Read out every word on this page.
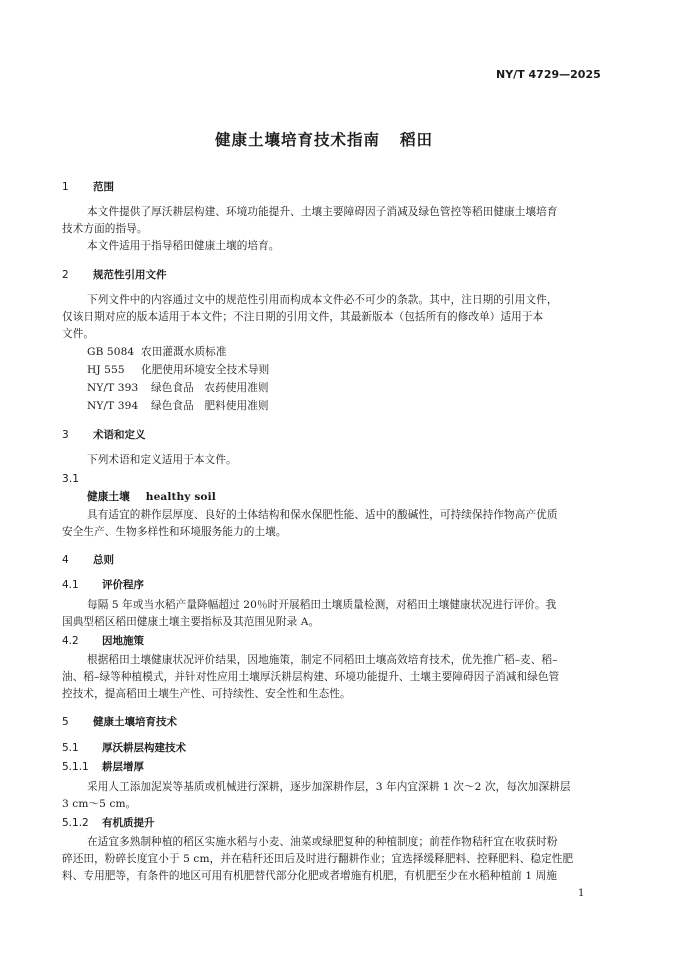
NY/T 4729—2025
健康土壤培育技术指南 稻田
1 范围
本文件提供了厚沃耕层构建、环境功能提升、土壤主要障碍因子消减及绿色管控等稻田健康土壤培育
技术方面的指导。
本文件适用于指导稻田健康土壤的培育。
2 规范性引用文件
下列文件中的内容通过文中的规范性引用而构成本文件必不可少的条款。其中，注日期的引用文件，
仅该日期对应的版本适用于本文件；不注日期的引用文件，其最新版本（包括所有的修改单）适用于本
文件。
GB 5084 农田灌溉水质标准
HJ 555 化肥使用环境安全技术导则
NY/T 393 绿色食品　农药使用准则
NY/T 394 绿色食品　肥料使用准则
3 术语和定义
下列术语和定义适用于本文件。
3.1
健康土壤 healthy soil
具有适宜的耕作层厚度、良好的土体结构和保水保肥性能、适中的酸碱性，可持续保持作物高产优质
安全生产、生物多样性和环境服务能力的土壤。
4 总则
4.1 评价程序
每隔 5 年或当水稻产量降幅超过 20％时开展稻田土壤质量检测，对稻田土壤健康状况进行评价。我
国典型稻区稻田健康土壤主要指标及其范围见附录 A。
4.2 因地施策
根据稻田土壤健康状况评价结果，因地施策，制定不同稻田土壤高效培育技术，优先推广稻–麦、稻–
油、稻–绿等种植模式，并针对性应用土壤厚沃耕层构建、环境功能提升、土壤主要障碍因子消减和绿色管
控技术，提高稻田土壤生产性、可持续性、安全性和生态性。
5 健康土壤培育技术
5.1 厚沃耕层构建技术
5.1.1 耕层增厚
采用人工添加泥炭等基质或机械进行深耕，逐步加深耕作层，3 年内宜深耕 1 次～2 次，每次加深耕层
3 cm～5 cm。
5.1.2 有机质提升
在适宜多熟制种植的稻区实施水稻与小麦、油菜或绿肥复种的种植制度；前茬作物秸秆宜在收获时粉
碎还田，粉碎长度宜小于 5 cm，并在秸秆还田后及时进行翻耕作业；宜选择缓释肥料、控释肥料、稳定性肥
料、专用肥等，有条件的地区可用有机肥替代部分化肥或者增施有机肥，有机肥至少在水稻种植前 1 周施
1
